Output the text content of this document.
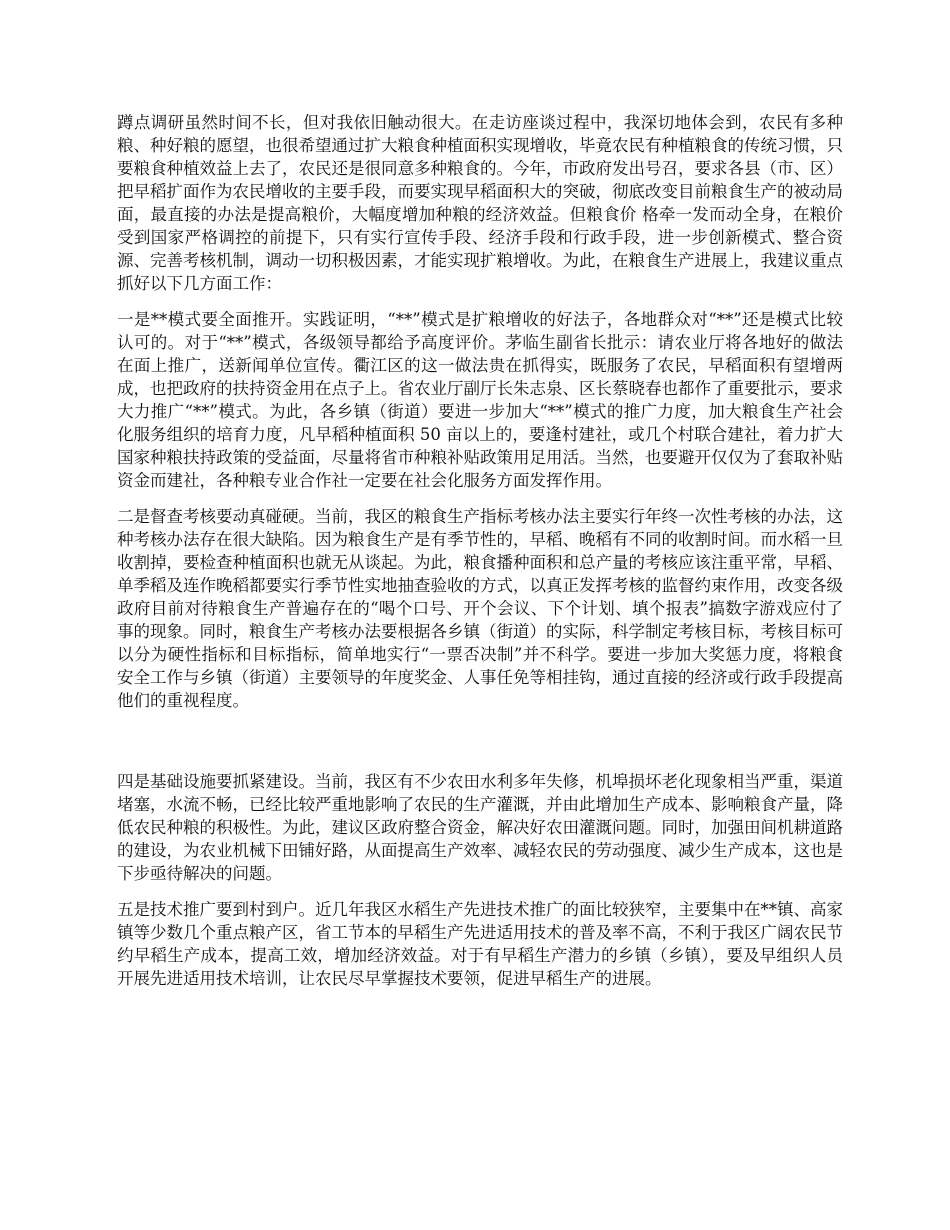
蹲点调研虽然时间不长，但对我依旧触动很大。在走访座谈过程中，我深切地体会到，农民有多种粮、种好粮的愿望，也很希望通过扩大粮食种植面积实现增收，毕竟农民有种植粮食的传统习惯，只要粮食种植效益上去了，农民还是很同意多种粮食的。今年，市政府发出号召，要求各县（市、区）把早稻扩面作为农民增收的主要手段，而要实现早稻面积大的突破，彻底改变目前粮食生产的被动局面，最直接的办法是提高粮价，大幅度增加种粮的经济效益。但粮食价 格牵一发而动全身，在粮价受到国家严格调控的前提下，只有实行宣传手段、经济手段和行政手段，进一步创新模式、整合资源、完善考核机制，调动一切积极因素，才能实现扩粮增收。为此，在粮食生产进展上，我建议重点抓好以下几方面工作：

一是**模式要全面推开。实践证明，“**”模式是扩粮增收的好法子，各地群众对“**”还是模式比较认可的。对于“**”模式，各级领导都给予高度评价。茅临生副省长批示：请农业厅将各地好的做法在面上推广，送新闻单位宣传。衢江区的这一做法贵在抓得实，既服务了农民，早稻面积有望增两成，也把政府的扶持资金用在点子上。省农业厅副厅长朱志泉、区长蔡晓春也都作了重要批示，要求大力推广“**”模式。为此，各乡镇（街道）要进一步加大“**”模式的推广力度，加大粮食生产社会化服务组织的培育力度，凡早稻种植面积 50 亩以上的，要逢村建社，或几个村联合建社，着力扩大国家种粮扶持政策的受益面，尽量将省市种粮补贴政策用足用活。当然，也要避开仅仅为了套取补贴资金而建社，各种粮专业合作社一定要在社会化服务方面发挥作用。

二是督查考核要动真碰硬。当前，我区的粮食生产指标考核办法主要实行年终一次性考核的办法，这种考核办法存在很大缺陷。因为粮食生产是有季节性的，早稻、晚稻有不同的收割时间。而水稻一旦收割掉，要检查种植面积也就无从谈起。为此，粮食播种面积和总产量的考核应该注重平常，早稻、单季稻及连作晚稻都要实行季节性实地抽查验收的方式，以真正发挥考核的监督约束作用，改变各级政府目前对待粮食生产普遍存在的“喝个口号、开个会议、下个计划、填个报表”搞数字游戏应付了事的现象。同时，粮食生产考核办法要根据各乡镇（街道）的实际，科学制定考核目标，考核目标可以分为硬性指标和目标指标，简单地实行“一票否决制”并不科学。要进一步加大奖惩力度，将粮食安全工作与乡镇（街道）主要领导的年度奖金、人事任免等相挂钩，通过直接的经济或行政手段提高他们的重视程度。

四是基础设施要抓紧建设。当前，我区有不少农田水利多年失修，机埠损坏老化现象相当严重，渠道堵塞，水流不畅，已经比较严重地影响了农民的生产灌溉，并由此增加生产成本、影响粮食产量，降低农民种粮的积极性。为此，建议区政府整合资金，解决好农田灌溉问题。同时，加强田间机耕道路的建设，为农业机械下田铺好路，从面提高生产效率、减轻农民的劳动强度、减少生产成本，这也是下步亟待解决的问题。

五是技术推广要到村到户。近几年我区水稻生产先进技术推广的面比较狭窄，主要集中在**镇、高家镇等少数几个重点粮产区，省工节本的早稻生产先进适用技术的普及率不高，不利于我区广阔农民节约早稻生产成本，提高工效，增加经济效益。对于有早稻生产潜力的乡镇（乡镇），要及早组织人员开展先进适用技术培训，让农民尽早掌握技术要领，促进早稻生产的进展。
